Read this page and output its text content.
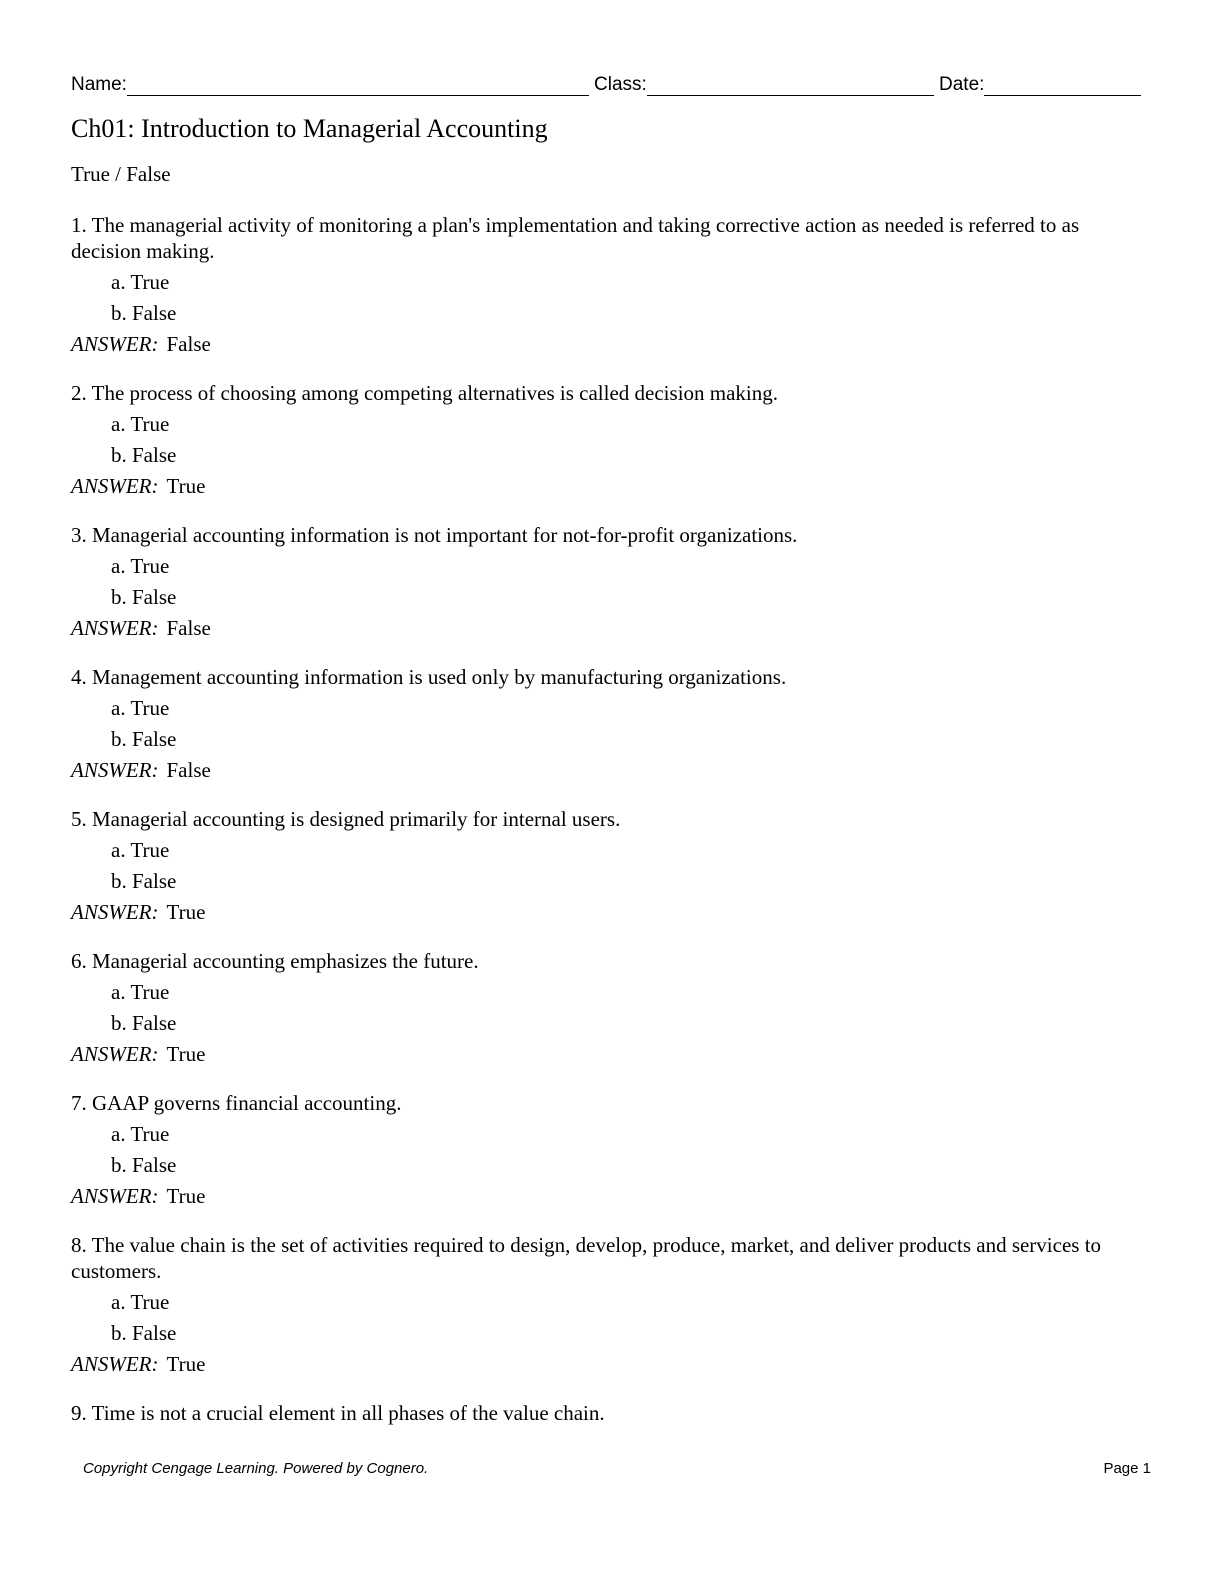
Name:	Class:	Date:
Ch01: Introduction to Managerial Accounting
True / False
1. The managerial activity of monitoring a plan's implementation and taking corrective action as needed is referred to as decision making.
a. True
b. False
ANSWER: False
2. The process of choosing among competing alternatives is called decision making.
a. True
b. False
ANSWER: True
3. Managerial accounting information is not important for not-for-profit organizations.
a. True
b. False
ANSWER: False
4. Management accounting information is used only by manufacturing organizations.
a. True
b. False
ANSWER: False
5. Managerial accounting is designed primarily for internal users.
a. True
b. False
ANSWER: True
6. Managerial accounting emphasizes the future.
a. True
b. False
ANSWER: True
7. GAAP governs financial accounting.
a. True
b. False
ANSWER: True
8. The value chain is the set of activities required to design, develop, produce, market, and deliver products and services to customers.
a. True
b. False
ANSWER: True
9. Time is not a crucial element in all phases of the value chain.
Copyright Cengage Learning. Powered by Cognero.	Page 1
